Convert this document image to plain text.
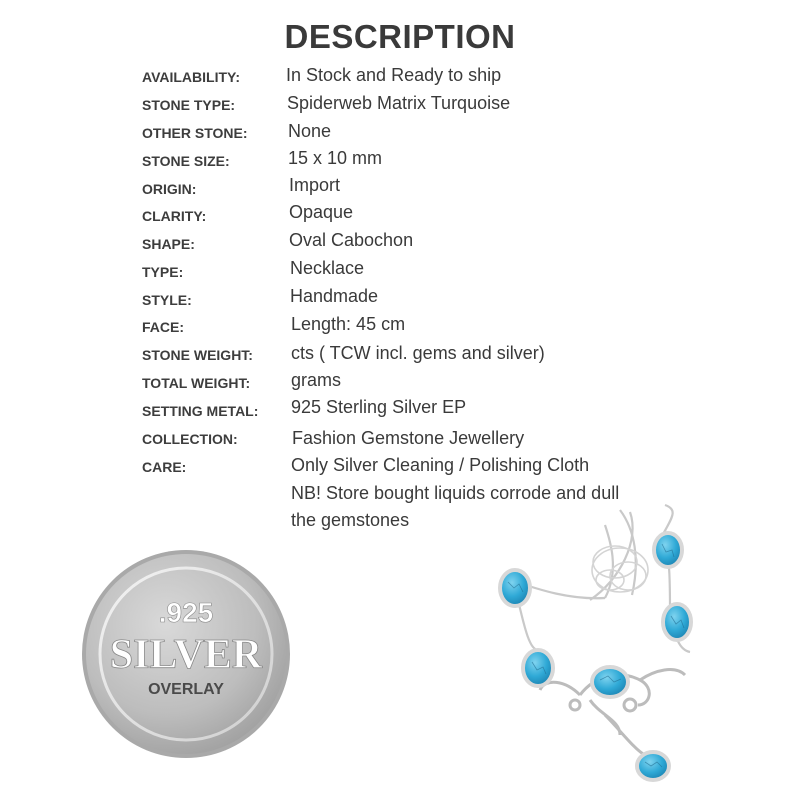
DESCRIPTION
AVAILABILITY:	In Stock and Ready to ship
STONE TYPE:	Spiderweb Matrix Turquoise
OTHER STONE: None
STONE SIZE:	15 x 10 mm
ORIGIN:	Import
CLARITY:	Opaque
SHAPE:	Oval Cabochon
TYPE:	Necklace
STYLE:	Handmade
FACE:	Length: 45 cm
STONE WEIGHT: cts ( TCW incl. gems and silver)
TOTAL WEIGHT: grams
SETTING METAL: 925 Sterling Silver EP
COLLECTION:	Fashion Gemstone Jewellery
CARE:	Only Silver Cleaning / Polishing Cloth
NB! Store bought liquids corrode and dull
the gemstones
.925
SILVER
OVERLAY
